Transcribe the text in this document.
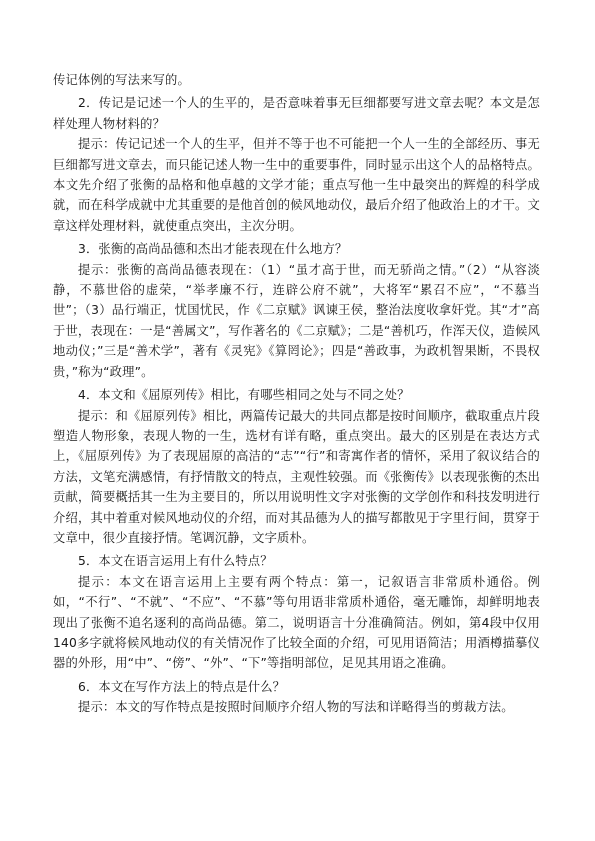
传记体例的写法来写的。

2．传记是记述一个人的生平的，是否意味着事无巨细都要写进文章去呢？本文是怎样处理人物材料的？

提示：传记记述一个人的生平，但并不等于也不可能把一个人一生的全部经历、事无巨细都写进文章去，而只能记述人物一生中的重要事件，同时显示出这个人的品格特点。本文先介绍了张衡的品格和他卓越的文学才能；重点写他一生中最突出的辉煌的科学成就，而在科学成就中尤其重要的是他首创的候风地动仪，最后介绍了他政治上的才干。文章这样处理材料，就使重点突出，主次分明。

3．张衡的高尚品德和杰出才能表现在什么地方？

提示：张衡的高尚品德表现在：（1）“虽才高于世，而无骄尚之情。”（2）“从容淡静，不慕世俗的虚荣，“举孝廉不行，连辟公府不就”，大将军“累召不应”，“不慕当世”；（3）品行端正，忧国忧民，作《二京赋》讽谏王侯，整治法度收拿奸党。其“才”高于世，表现在：一是“善属文”，写作著名的《二京赋》；二是“善机巧，作浑天仪，造候风地动仪；”三是“善术学”，著有《灵宪》《算罔论》；四是“善政事，为政机智果断，不畏权贵，”称为“政理”。

4．本文和《屈原列传》相比，有哪些相同之处与不同之处？

提示：和《屈原列传》相比，两篇传记最大的共同点都是按时间顺序，截取重点片段塑造人物形象，表现人物的一生，选材有详有略，重点突出。最大的区别是在表达方式上，《屈原列传》为了表现屈原的高洁的“志”“行”和寄寓作者的情怀，采用了叙议结合的方法，文笔充满感情，有抒情散文的特点，主观性较强。而《张衡传》以表现张衡的杰出贡献，简要概括其一生为主要目的，所以用说明性文字对张衡的文学创作和科技发明进行介绍，其中着重对候风地动仪的介绍，而对其品德为人的描写都散见于字里行间，贯穿于文章中，很少直接抒情。笔调沉静，文字质朴。

5．本文在语言运用上有什么特点？

提示：本文在语言运用上主要有两个特点：第一，记叙语言非常质朴通俗。例如，“不行”、“不就”、“不应”、“不慕”等句用语非常质朴通俗，毫无雕饰，却鲜明地表现出了张衡不追名逐利的高尚品德。第二，说明语言十分准确简洁。例如，第4段中仅用140多字就将候风地动仪的有关情况作了比较全面的介绍，可见用语简洁；用酒樽描摹仪器的外形，用“中”、“傍”、“外”、“下”等指明部位，足见其用语之准确。

6．本文在写作方法上的特点是什么？

提示：本文的写作特点是按照时间顺序介绍人物的写法和详略得当的剪裁方法。
